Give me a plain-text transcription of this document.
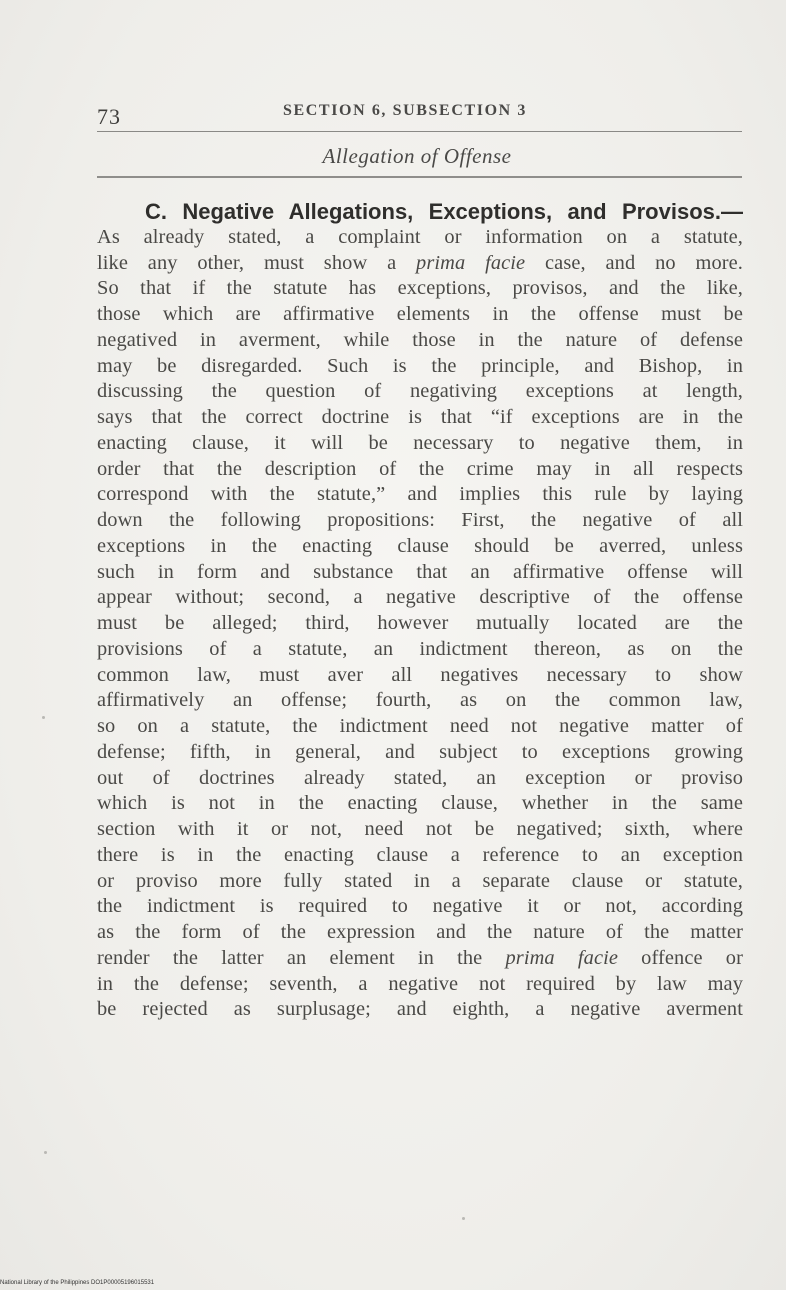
73	SECTION 6, SUBSECTION 3
Allegation of Offense
C. Negative Allegations, Exceptions, and Provisos.—
As already stated, a complaint or information on a statute,
like any other, must show a prima facie case, and no more.
So that if the statute has exceptions, provisos, and the like,
those which are affirmative elements in the offense must be
negatived in averment, while those in the nature of defense
may be disregarded. Such is the principle, and Bishop, in
discussing the question of negativing exceptions at length,
says that the correct doctrine is that “if exceptions are in the
enacting clause, it will be necessary to negative them, in
order that the description of the crime may in all respects
correspond with the statute,” and implies this rule by laying
down the following propositions: First, the negative of all
exceptions in the enacting clause should be averred, unless
such in form and substance that an affirmative offense will
appear without; second, a negative descriptive of the offense
must be alleged; third, however mutually located are the
provisions of a statute, an indictment thereon, as on the
common law, must aver all negatives necessary to show
affirmatively an offense; fourth, as on the common law,
so on a statute, the indictment need not negative matter of
defense; fifth, in general, and subject to exceptions growing
out of doctrines already stated, an exception or proviso
which is not in the enacting clause, whether in the same
section with it or not, need not be negatived; sixth, where
there is in the enacting clause a reference to an exception
or proviso more fully stated in a separate clause or statute,
the indictment is required to negative it or not, according
as the form of the expression and the nature of the matter
render the latter an element in the prima facie offence or
in the defense; seventh, a negative not required by law may
be rejected as surplusage; and eighth, a negative averment
National Library of the Philippines DO1P00005196015531
